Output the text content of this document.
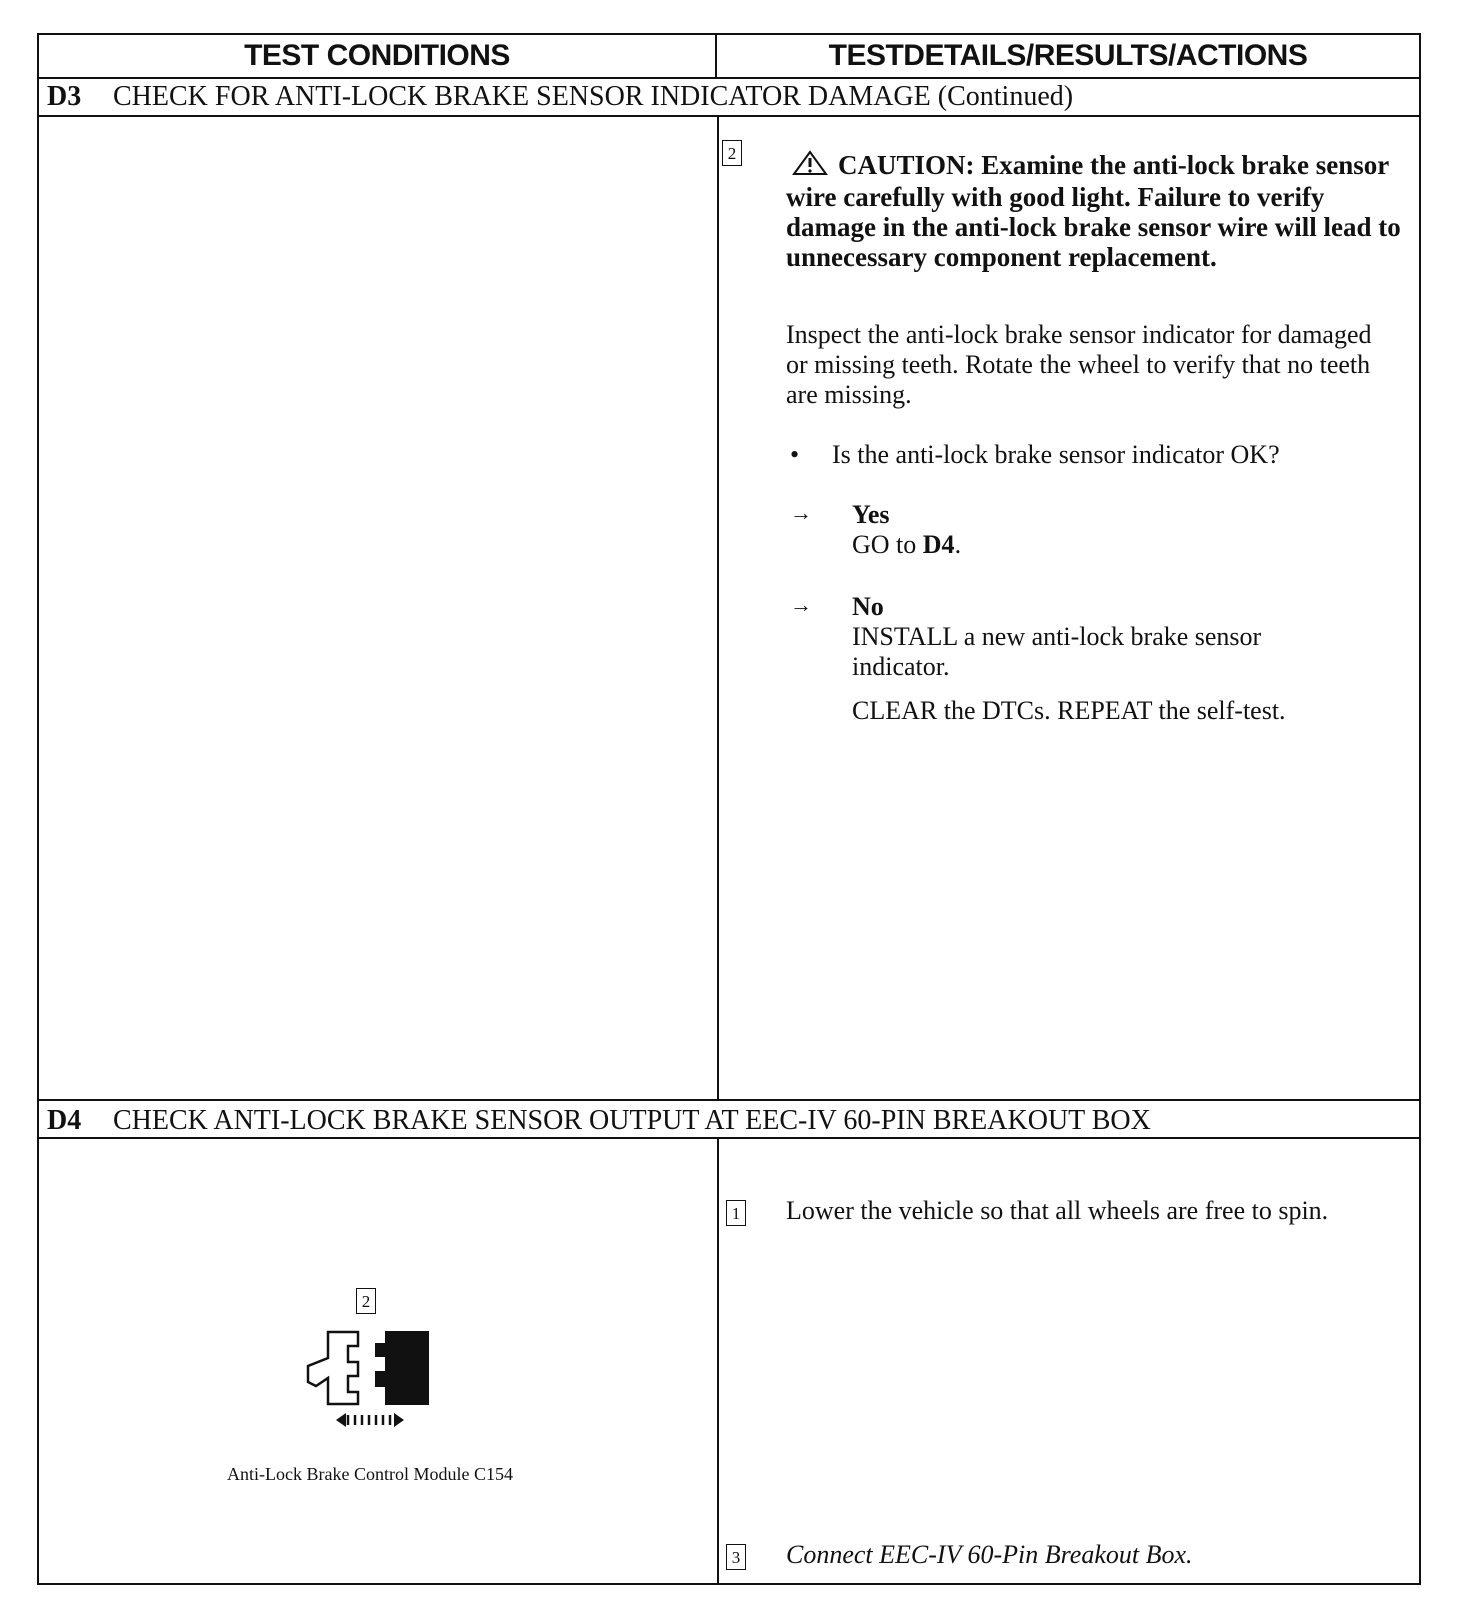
TEST CONDITIONS	TESTDETAILS/RESULTS/ACTIONS
D3 CHECK FOR ANTI-LOCK BRAKE SENSOR INDICATOR DAMAGE (Continued)
D4 CHECK ANTI-LOCK BRAKE SENSOR OUTPUT AT EEC-IV 60-PIN BREAKOUT BOX
2	CAUTION: Examine the anti-lock brake sensor wire carefully with good light. Failure to verify damage in the anti-lock brake sensor wire will lead to unnecessary component replacement.
Inspect the anti-lock brake sensor indicator for damaged or missing teeth. Rotate the wheel to verify that no teeth are missing.
• Is the anti-lock brake sensor indicator OK?
→ Yes
GO to D4.
→ No
INSTALL a new anti-lock brake sensor indicator.
CLEAR the DTCs. REPEAT the self-test.
1 Lower the vehicle so that all wheels are free to spin.
2
Anti-Lock Brake Control Module C154
3 Connect EEC-IV 60-Pin Breakout Box.
